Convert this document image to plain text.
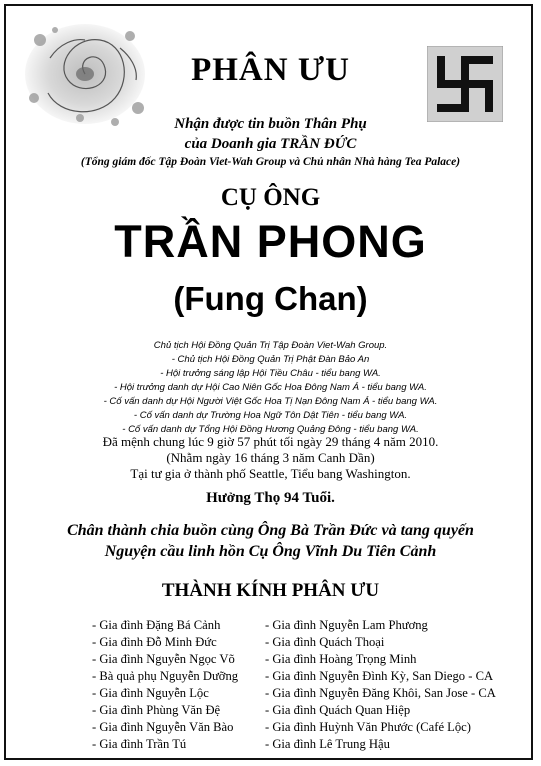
PHÂN ƯU
Nhận được tin buồn Thân Phụ
của Doanh gia TRẦN ĐỨC
(Tổng giám đốc Tập Đoàn Viet-Wah Group và Chủ nhân Nhà hàng Tea Palace)
CỤ ÔNG
TRẦN PHONG
(Fung Chan)
Chủ tịch Hội Đồng Quản Trị Tập Đoàn Viet-Wah Group.
- Chủ tịch Hội Đồng Quản Trị Phật Đàn Bảo An
- Hội trưởng sáng lập Hội Tiều Châu - tiểu bang WA.
- Hội trưởng danh dự Hội Cao Niên Gốc Hoa Đông Nam Á - tiểu bang WA.
- Cố vấn danh dự Hội Người Việt Gốc Hoa Tị Nạn Đông Nam Á - tiểu bang WA.
- Cố vấn danh dự Trường Hoa Ngữ Tôn Dật Tiên - tiểu bang WA.
- Cố vấn danh dự Tổng Hội Đồng Hương Quảng Đông - tiểu bang WA.
Đã mệnh chung lúc 9 giờ 57 phút tối ngày 29 tháng 4 năm 2010.
(Nhằm ngày 16 tháng 3 năm Canh Dần)
Tại tư gia ở thành phố Seattle, Tiểu bang Washington.
Hưởng Thọ 94 Tuổi.
Chân thành chia buồn cùng Ông Bà Trần Đức và tang quyến
Nguyện cầu linh hồn Cụ Ông Vĩnh Du Tiên Cảnh
THÀNH KÍNH PHÂN ƯU
- Gia đình Đặng Bá Cảnh
- Gia đình Đỗ Minh Đức
- Gia đình Nguyễn Ngọc Võ
- Bà quả phụ Nguyễn Dưỡng
- Gia đình Nguyễn Lộc
- Gia đình Phùng Văn Đệ
- Gia đình Nguyễn Văn Bào
- Gia đình Trần Tú
- Gia đình Nguyễn Lam Phương
- Gia đình Quách Thoại
- Gia đình Hoàng Trọng Minh
- Gia đình Nguyễn Đình Kỳ, San Diego - CA
- Gia đình Nguyễn Đăng Khôi, San Jose - CA
- Gia đình Quách Quan Hiệp
- Gia đình Huỳnh Văn Phước (Café Lộc)
- Gia đình Lê Trung Hậu
